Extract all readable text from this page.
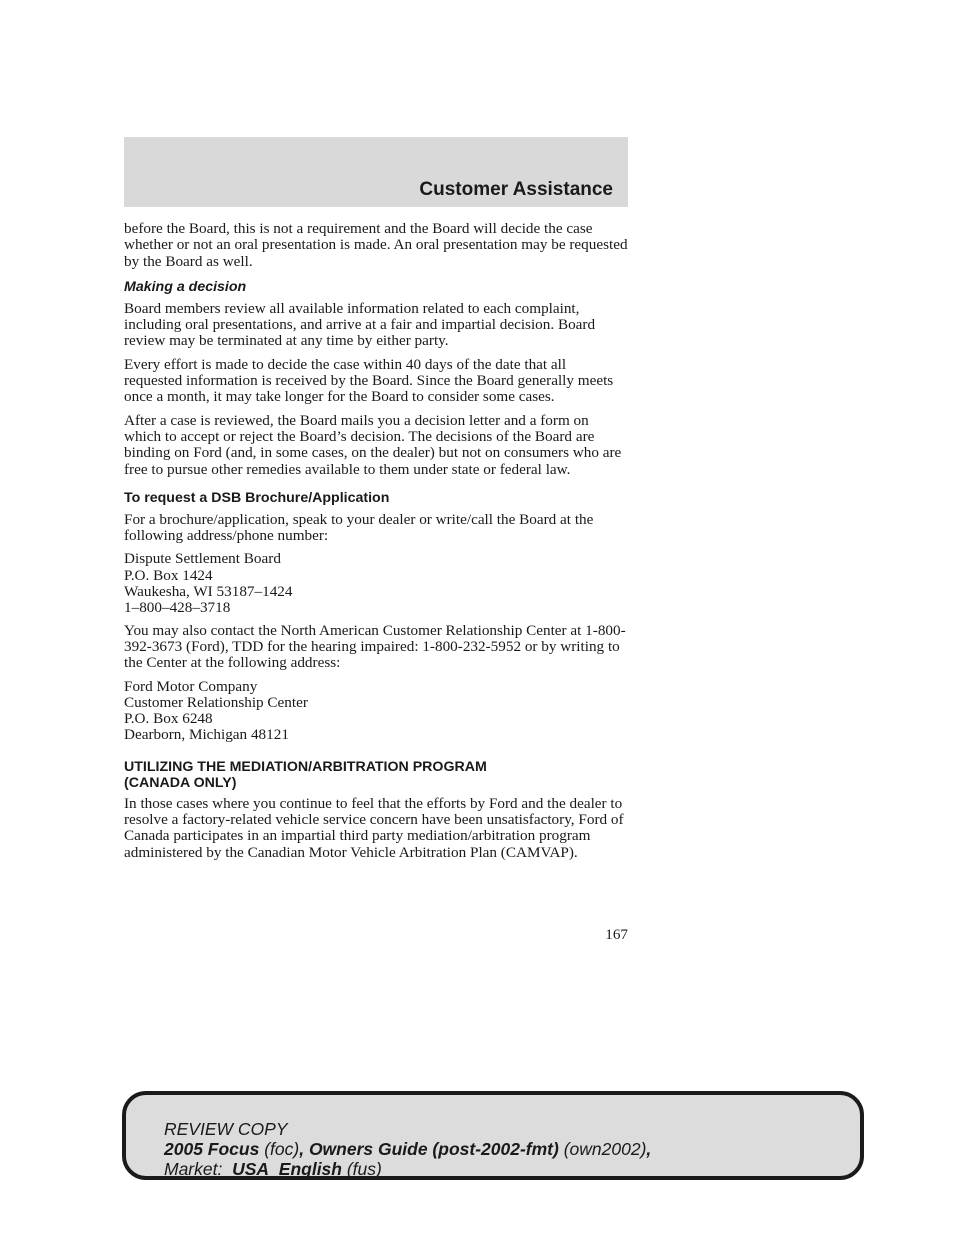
Customer Assistance

before the Board, this is not a requirement and the Board will decide the case whether or not an oral presentation is made. An oral presentation may be requested by the Board as well.

Making a decision

Board members review all available information related to each complaint, including oral presentations, and arrive at a fair and impartial decision. Board review may be terminated at any time by either party.

Every effort is made to decide the case within 40 days of the date that all requested information is received by the Board. Since the Board generally meets once a month, it may take longer for the Board to consider some cases.

After a case is reviewed, the Board mails you a decision letter and a form on which to accept or reject the Board’s decision. The decisions of the Board are binding on Ford (and, in some cases, on the dealer) but not on consumers who are free to pursue other remedies available to them under state or federal law.

To request a DSB Brochure/Application

For a brochure/application, speak to your dealer or write/call the Board at the following address/phone number:

Dispute Settlement Board
P.O. Box 1424
Waukesha, WI 53187–1424
1–800–428–3718

You may also contact the North American Customer Relationship Center at 1-800-392-3673 (Ford), TDD for the hearing impaired: 1-800-232-5952 or by writing to the Center at the following address:

Ford Motor Company
Customer Relationship Center
P.O. Box 6248
Dearborn, Michigan 48121
UTILIZING THE MEDIATION/ARBITRATION PROGRAM
(CANADA ONLY)

In those cases where you continue to feel that the efforts by Ford and the dealer to resolve a factory-related vehicle service concern have been unsatisfactory, Ford of Canada participates in an impartial third party mediation/arbitration program administered by the Canadian Motor Vehicle Arbitration Plan (CAMVAP).

167
REVIEW COPY
2005 Focus (foc), Owners Guide (post-2002-fmt) (own2002),
Market: USA_English (fus)
